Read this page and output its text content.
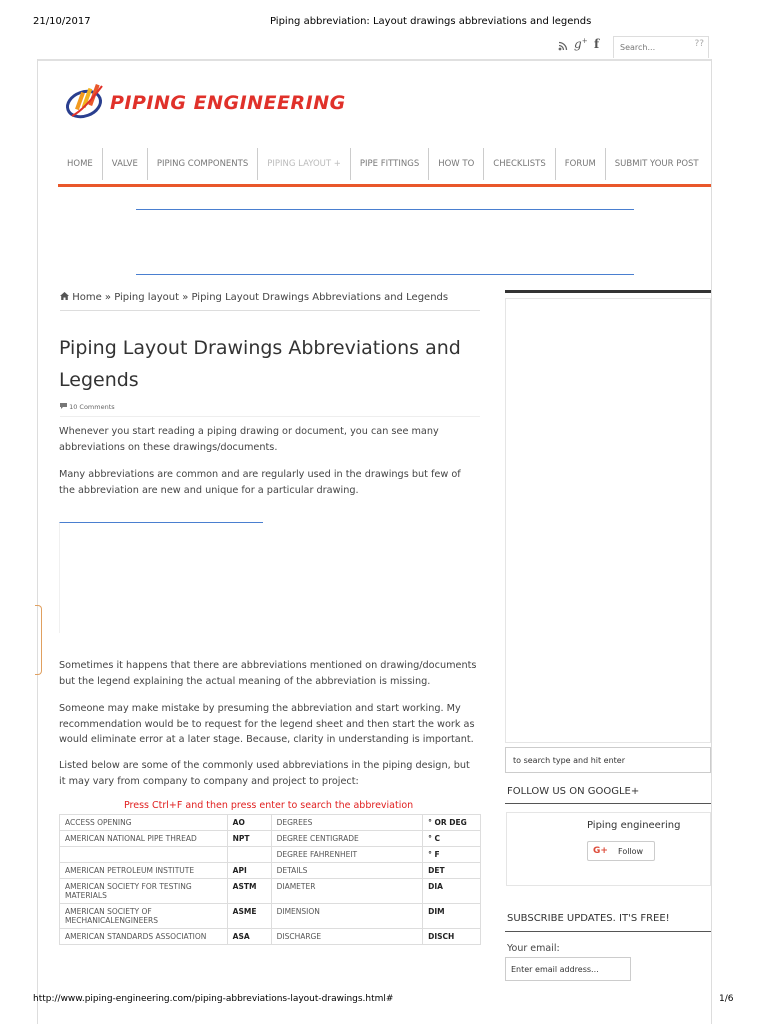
21/10/2017	Piping abbreviation: Layout drawings abbreviations and legends
g+ f	Search...	??
PIPING ENGINEERING
HOME	VALVE	PIPING COMPONENTS	PIPING LAYOUT +	PIPE FITTINGS	HOW TO	CHECKLISTS	FORUM	SUBMIT YOUR POST
Home » Piping layout » Piping Layout Drawings Abbreviations and Legends
Piping Layout Drawings Abbreviations and Legends
10 Comments
Whenever you start reading a piping drawing or document, you can see many abbreviations on these drawings/documents.
Many abbreviations are common and are regularly used in the drawings but few of the abbreviation are new and unique for a particular drawing.
Sometimes it happens that there are abbreviations mentioned on drawing/documents but the legend explaining the actual meaning of the abbreviation is missing.
Someone may make mistake by presuming the abbreviation and start working. My recommendation would be to request for the legend sheet and then start the work as would eliminate error at a later stage. Because, clarity in understanding is important.
Listed below are some of the commonly used abbreviations in the piping design, but it may vary from company to company and project to project:
Press Ctrl+F and then press enter to search the abbreviation
ACCESS OPENING	AO	DEGREES	° OR DEG
AMERICAN NATIONAL PIPE THREAD	NPT	DEGREE CENTIGRADE	° C
		DEGREE FAHRENHEIT	° F
AMERICAN PETROLEUM INSTITUTE	API	DETAILS	DET
AMERICAN SOCIETY FOR TESTING MATERIALS	ASTM	DIAMETER	DIA
AMERICAN SOCIETY OF MECHANICALENGINEERS	ASME	DIMENSION	DIM
AMERICAN STANDARDS ASSOCIATION	ASA	DISCHARGE	DISCH
to search type and hit enter
FOLLOW US ON GOOGLE+
Piping engineering
G+ Follow
SUBSCRIBE UPDATES. IT'S FREE!
Your email:
Enter email address...
http://www.piping-engineering.com/piping-abbreviations-layout-drawings.html#	1/6
